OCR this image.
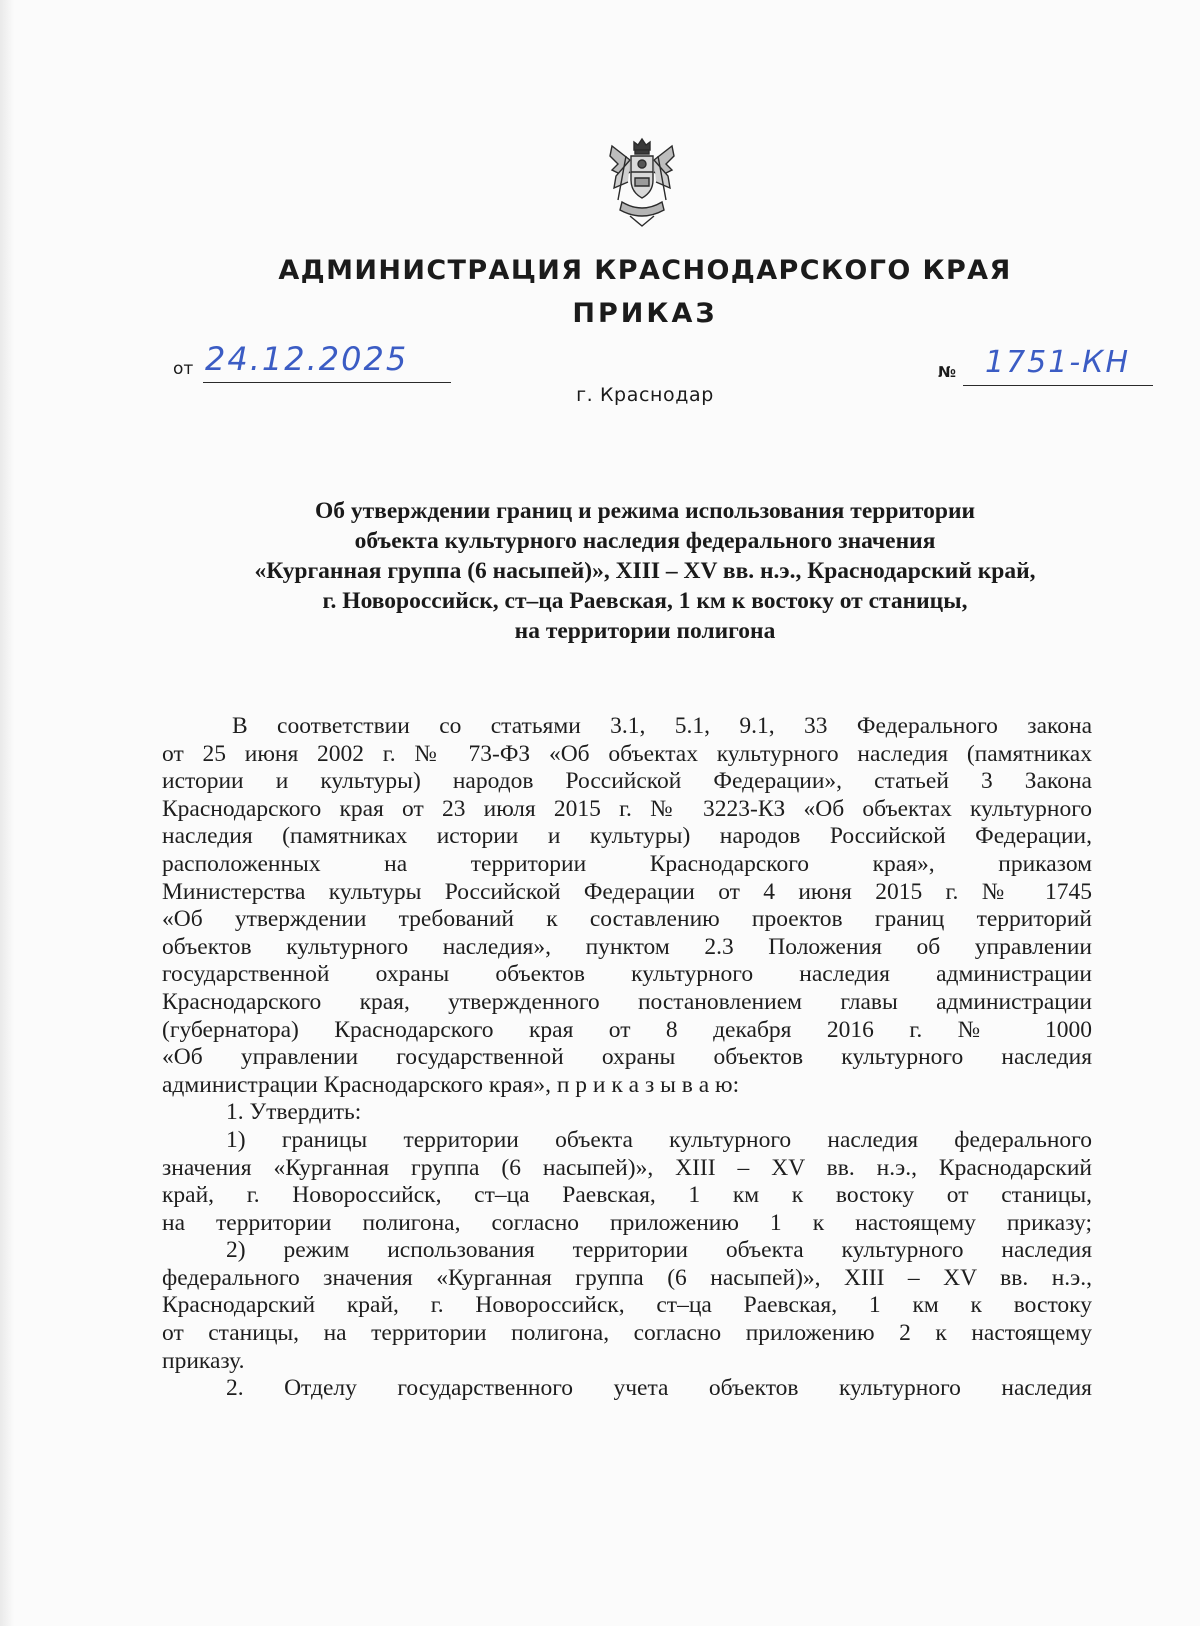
АДМИНИСТРАЦИЯ КРАСНОДАРСКОГО КРАЯ
ПРИКАЗ
от 24.12.2025	№ 1751-КН
г. Краснодар
Об утверждении границ и режима использования территории
объекта культурного наследия федерального значения
«Курганная группа (6 насыпей)», XIII – XV вв. н.э., Краснодарский край,
г. Новороссийск, ст–ца Раевская, 1 км к востоку от станицы,
на территории полигона
В соответствии со статьями 3.1, 5.1, 9.1, 33 Федерального закона
от 25 июня 2002 г. № 73-ФЗ «Об объектах культурного наследия (памятниках
истории и культуры) народов Российской Федерации», статьей 3 Закона
Краснодарского края от 23 июля 2015 г. № 3223-КЗ «Об объектах культурного
наследия (памятниках истории и культуры) народов Российской Федерации,
расположенных на территории Краснодарского края», приказом
Министерства культуры Российской Федерации от 4 июня 2015 г. № 1745
«Об утверждении требований к составлению проектов границ территорий
объектов культурного наследия», пунктом 2.3 Положения об управлении
государственной охраны объектов культурного наследия администрации
Краснодарского края, утвержденного постановлением главы администрации
(губернатора) Краснодарского края от 8 декабря 2016 г. № 1000
«Об управлении государственной охраны объектов культурного наследия
администрации Краснодарского края», п р и к а з ы в а ю:
1. Утвердить:
1) границы территории объекта культурного наследия федерального
значения «Курганная группа (6 насыпей)», XIII – XV вв. н.э., Краснодарский
край, г. Новороссийск, ст–ца Раевская, 1 км к востоку от станицы,
на территории полигона, согласно приложению 1 к настоящему приказу;
2) режим использования территории объекта культурного наследия
федерального значения «Курганная группа (6 насыпей)», XIII – XV вв. н.э.,
Краснодарский край, г. Новороссийск, ст–ца Раевская, 1 км к востоку
от станицы, на территории полигона, согласно приложению 2 к настоящему
приказу.
2. Отделу государственного учета объектов культурного наследия
